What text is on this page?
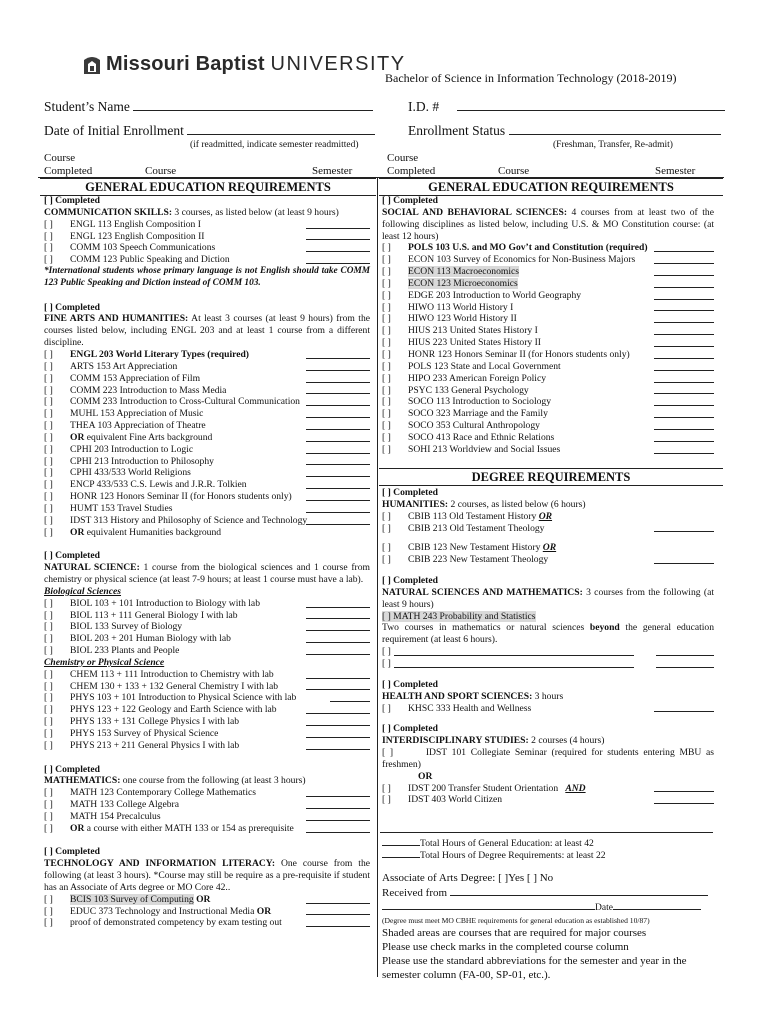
Missouri Baptist UNIVERSITY
Bachelor of Science in Information Technology (2018-2019)
Student’s Name	I.D. #
Date of Initial Enrollment	Enrollment Status
(if readmitted, indicate semester readmitted)	(Freshman, Transfer, Re-admit)
Course
Completed	Course	Semester
Course
Completed	Course	Semester
GENERAL EDUCATION REQUIREMENTS
[ ] Completed
COMMUNICATION SKILLS: 3 courses, as listed below (at least 9 hours)
[ ] ENGL 113 English Composition I
[ ] ENGL 123 English Composition II
[ ] COMM 103 Speech Communications
[ ] COMM 123 Public Speaking and Diction
*International students whose primary language is not English should take COMM 123 Public Speaking and Diction instead of COMM 103.
[ ] Completed
FINE ARTS AND HUMANITIES: At least 3 courses (at least 9 hours) from the courses listed below, including ENGL 203 and at least 1 course from a different discipline.
[ ] ENGL 203 World Literary Types (required)
[ ] ARTS 153 Art Appreciation
[ ] COMM 153 Appreciation of Film
[ ] COMM 223 Introduction to Mass Media
[ ] COMM 233 Introduction to Cross-Cultural Communication
[ ] MUHL 153 Appreciation of Music
[ ] THEA 103 Appreciation of Theatre
[ ] OR equivalent Fine Arts background
[ ] CPHI 203 Introduction to Logic
[ ] CPHI 213 Introduction to Philosophy
[ ] CPHI 433/533 World Religions
[ ] ENCP 433/533 C.S. Lewis and J.R.R. Tolkien
[ ] HONR 123 Honors Seminar II (for Honors students only)
[ ] HUMT 153 Travel Studies
[ ] IDST 313 History and Philosophy of Science and Technology
[ ] OR equivalent Humanities background
[ ] Completed
NATURAL SCIENCE: 1 course from the biological sciences and 1 course from chemistry or physical science (at least 7-9 hours; at least 1 course must have a lab).
Biological Sciences
[ ] BIOL 103 + 101 Introduction to Biology with lab
[ ] BIOL 113 + 111 General Biology I with lab
[ ] BIOL 133 Survey of Biology
[ ] BIOL 203 + 201 Human Biology with lab
[ ] BIOL 233 Plants and People
Chemistry or Physical Science
[ ] CHEM 113 + 111 Introduction to Chemistry with lab
[ ] CHEM 130 + 133 + 132 General Chemistry I with lab
[ ] PHYS 103 + 101 Introduction to Physical Science with lab
[ ] PHYS 123 + 122 Geology and Earth Science with lab
[ ] PHYS 133 + 131 College Physics I with lab
[ ] PHYS 153 Survey of Physical Science
[ ] PHYS 213 + 211 General Physics I with lab
[ ] Completed
MATHEMATICS: one course from the following (at least 3 hours)
[ ] MATH 123 Contemporary College Mathematics
[ ] MATH 133 College Algebra
[ ] MATH 154 Precalculus
[ ] OR a course with either MATH 133 or 154 as prerequisite
[ ] Completed
TECHNOLOGY AND INFORMATION LITERACY: One course from the following (at least 3 hours). *Course may still be require as a pre-requisite if student has an Associate of Arts degree or MO Core 42..
[ ] BCIS 103 Survey of Computing OR
[ ] EDUC 373 Technology and Instructional Media OR
[ ] proof of demonstrated competency by exam testing out
GENERAL EDUCATION REQUIREMENTS
[ ] Completed
SOCIAL AND BEHAVIORAL SCIENCES: 4 courses from at least two of the following disciplines as listed below, including U.S. & MO Constitution course: (at least 12 hours)
[ ] POLS 103 U.S. and MO Gov’t and Constitution (required)
[ ] ECON 103 Survey of Economics for Non-Business Majors
[ ] ECON 113 Macroeconomics
[ ] ECON 123 Microeconomics
[ ] EDGE 203 Introduction to World Geography
[ ] HIWO 113 World History I
[ ] HIWO 123 World History II
[ ] HIUS 213 United States History I
[ ] HIUS 223 United States History II
[ ] HONR 123 Honors Seminar II (for Honors students only)
[ ] POLS 123 State and Local Government
[ ] HIPO 233 American Foreign Policy
[ ] PSYC 133 General Psychology
[ ] SOCO 113 Introduction to Sociology
[ ] SOCO 323 Marriage and the Family
[ ] SOCO 353 Cultural Anthropology
[ ] SOCO 413 Race and Ethnic Relations
[ ] SOHI 213 Worldview and Social Issues
DEGREE REQUIREMENTS
[ ] Completed
HUMANITIES: 2 courses, as listed below (6 hours)
[ ] CBIB 113 Old Testament History OR
[ ] CBIB 213 Old Testament Theology
[ ] CBIB 123 New Testament History OR
[ ] CBIB 223 New Testament Theology
[ ] Completed
NATURAL SCIENCES AND MATHEMATICS: 3 courses from the following (at least 9 hours)
[ ] MATH 243 Probability and Statistics
Two courses in mathematics or natural sciences beyond the general education requirement (at least 6 hours).
[ ]
[ ]
[ ] Completed
HEALTH AND SPORT SCIENCES: 3 hours
[ ] KHSC 333 Health and Wellness
[ ] Completed
INTERDISCIPLINARY STUDIES: 2 courses (4 hours)
[ ]       IDST 101 Collegiate Seminar (required for students entering MBU as freshmen)
OR
[ ] IDST 200 Transfer Student Orientation AND
[ ] IDST 403 World Citizen
Total Hours of General Education: at least 42
Total Hours of Degree Requirements: at least 22
Associate of Arts Degree: [ ]Yes [ ] No
Received from
Date
(Degree must meet MO CBHE requirements for general education as established 10/87)
Shaded areas are courses that are required for major courses
Please use check marks in the completed course column
Please use the standard abbreviations for the semester and year in the semester column (FA-00, SP-01, etc.).
